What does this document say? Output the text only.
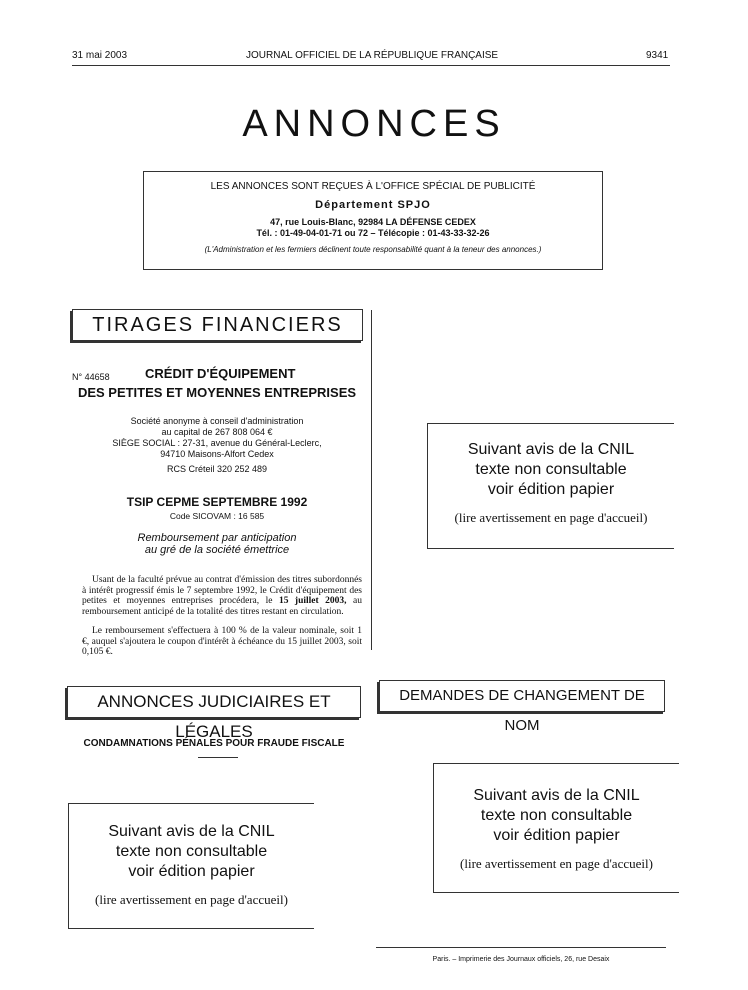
31 mai 2003	JOURNAL OFFICIEL DE LA RÉPUBLIQUE FRANÇAISE	9341
ANNONCES
LES ANNONCES SONT REÇUES À L'OFFICE SPÉCIAL DE PUBLICITÉ
Département SPJO
47, rue Louis-Blanc, 92984 LA DÉFENSE CEDEX
Tél. : 01-49-04-01-71 ou 72 – Télécopie : 01-43-33-32-26
(L'Administration et les fermiers déclinent toute responsabilité quant à la teneur des annonces.)
TIRAGES FINANCIERS
N° 44658	CRÉDIT D'ÉQUIPEMENT
DES PETITES ET MOYENNES ENTREPRISES
Société anonyme à conseil d'administration
au capital de 267 808 064 €
SIÈGE SOCIAL : 27-31, avenue du Général-Leclerc,
94710 Maisons-Alfort Cedex
RCS Créteil 320 252 489
TSIP CEPME SEPTEMBRE 1992
Code SICOVAM : 16 585
Remboursement par anticipation
au gré de la société émettrice
Usant de la faculté prévue au contrat d'émission des titres subordonnés à intérêt progressif émis le 7 septembre 1992, le Crédit d'équipement des petites et moyennes entreprises procédera, le 15 juillet 2003, au remboursement anticipé de la totalité des titres restant en circulation.
Le remboursement s'effectuera à 100 % de la valeur nominale, soit 1 €, auquel s'ajoutera le coupon d'intérêt à échéance du 15 juillet 2003, soit 0,105 €.
Suivant avis de la CNIL
texte non consultable
voir édition papier
(lire avertissement en page d'accueil)
ANNONCES JUDICIAIRES ET LÉGALES
CONDAMNATIONS PÉNALES POUR FRAUDE FISCALE
DEMANDES DE CHANGEMENT DE NOM
Suivant avis de la CNIL
texte non consultable
voir édition papier
(lire avertissement en page d'accueil)
Suivant avis de la CNIL
texte non consultable
voir édition papier
(lire avertissement en page d'accueil)
Paris. – Imprimerie des Journaux officiels, 26, rue Desaix
